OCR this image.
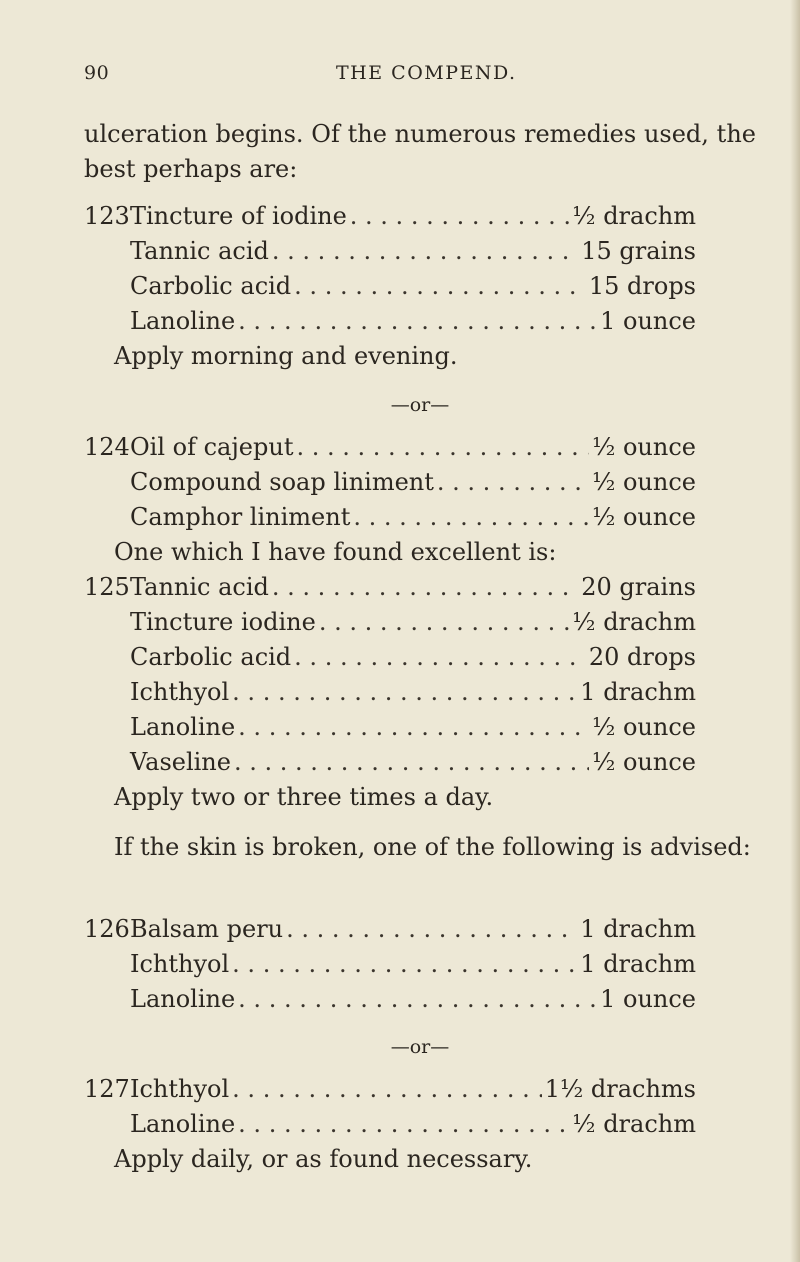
90	THE COMPEND.

ulceration begins. Of the numerous remedies used, the best perhaps are:

123 Tincture of iodine . . .	½ drachm
Tannic acid . . .	15 grains
Carbolic acid . . .	15 drops
Lanoline . . .	1 ounce
Apply morning and evening.
—or—
124 Oil of cajeput . . .	½ ounce
Compound soap liniment . . .	½ ounce
Camphor liniment . . .	½ ounce
One which I have found excellent is:
125 Tannic acid . . .	20 grains
Tincture iodine . . .	½ drachm
Carbolic acid . . .	20 drops
Ichthyol . . .	1 drachm
Lanoline . . .	½ ounce
Vaseline . . .	½ ounce
Apply two or three times a day.

If the skin is broken, one of the following is advised:

126 Balsam peru . . .	1 drachm
Ichthyol . . .	1 drachm
Lanoline . . .	1 ounce
—or—
127 Ichthyol . . .	1½ drachms
Lanoline . . .	½ drachm
Apply daily, or as found necessary.
